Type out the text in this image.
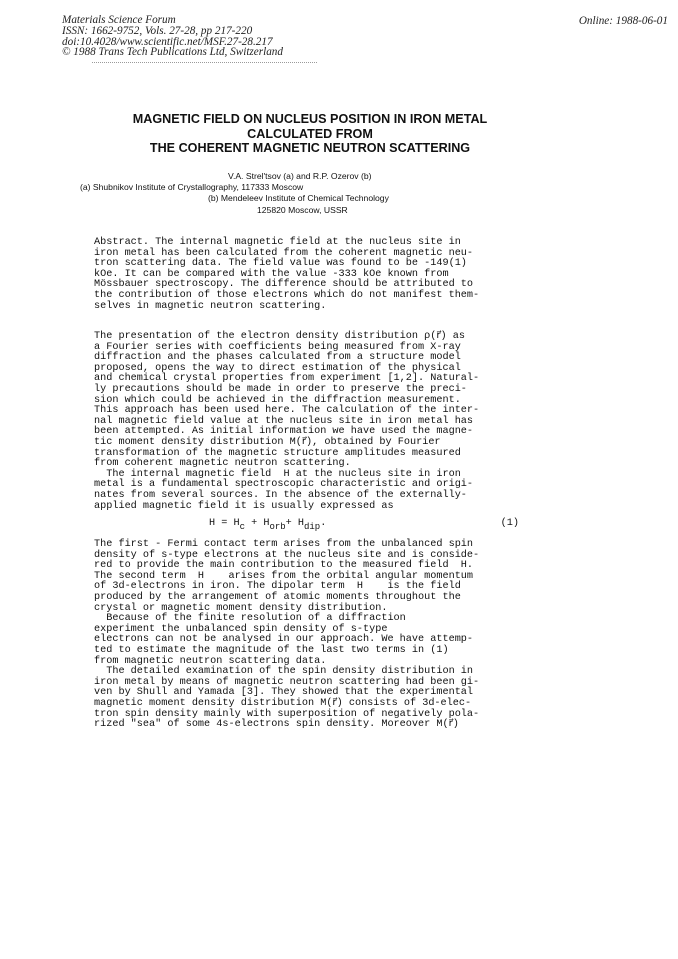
Materials Science Forum
ISSN: 1662-9752, Vols. 27-28, pp 217-220
doi:10.4028/www.scientific.net/MSF.27-28.217
© 1988 Trans Tech Publications Ltd, Switzerland
Online: 1988-06-01
MAGNETIC FIELD ON NUCLEUS POSITION IN IRON METAL
CALCULATED FROM
THE COHERENT MAGNETIC NEUTRON SCATTERING
V.A. Strel'tsov (a) and R.P. Ozerov (b)
(a) Shubnikov Institute of Crystallography, 117333 Moscow
(b) Mendeleev Institute of Chemical Technology
125820 Moscow, USSR
Abstract. The internal magnetic field at the nucleus site in
iron metal has been calculated from the coherent magnetic neu-
tron scattering data. The field value was found to be -149(1)
kOe. It can be compared with the value -333 kOe known from
Mössbauer spectroscopy. The difference should be attributed to
the contribution of those electrons which do not manifest them-
selves in magnetic neutron scattering.
The presentation of the electron density distribution ρ(r⃗) as
a Fourier series with coefficients being measured from X-ray
diffraction and the phases calculated from a structure model
proposed, opens the way to direct estimation of the physical
and chemical crystal properties from experiment [1,2]. Natural-
ly precautions should be made in order to preserve the preci-
sion which could be achieved in the diffraction measurement.
This approach has been used here. The calculation of the inter-
nal magnetic field value at the nucleus site in iron metal has
been attempted. As initial information we have used the magne-
tic moment density distribution M(r⃗), obtained by Fourier
transformation of the magnetic structure amplitudes measured
from coherent magnetic neutron scattering.
The internal magnetic field  H at the nucleus site in iron
metal is a fundamental spectroscopic characteristic and origi-
nates from several sources. In the absence of the externally-
applied magnetic field it is usually expressed as
$H = H_c + H_{orb}+ H_{dip}$.	(1)
The first - Fermi contact term arises from the unbalanced spin
density of s-type electrons at the nucleus site and is conside-
red to provide the main contribution to the measured field  H.
The second term  H    arises from the orbital angular momentum
of 3d-electrons in iron. The dipolar term  H    is the field
produced by the arrangement of atomic moments throughout the
crystal or magnetic moment density distribution.
Because of the finite resolution of a diffraction
experiment the unbalanced spin density of s-type
electrons can not be analysed in our approach. We have attemp-
ted to estimate the magnitude of the last two terms in (1)
from magnetic neutron scattering data.
The detailed examination of the spin density distribution in
iron metal by means of magnetic neutron scattering had been gi-
ven by Shull and Yamada [3]. They showed that the experimental
magnetic moment density distribution M(r⃗) consists of 3d-elec-
tron spin density mainly with superposition of negatively pola-
rized "sea" of some 4s-electrons spin density. Moreover M(r⃗)
